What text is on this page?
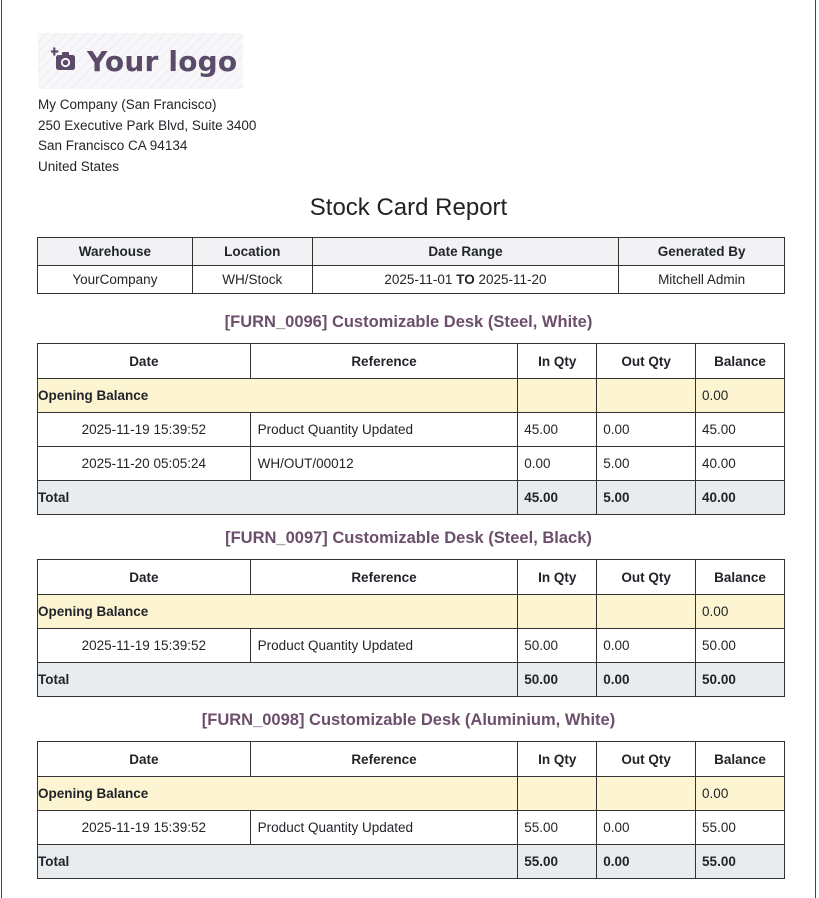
Your logo
My Company (San Francisco)
250 Executive Park Blvd, Suite 3400
San Francisco CA 94134
United States
Stock Card Report
Warehouse	Location	Date Range	Generated By
YourCompany	WH/Stock	2025-11-01 TO 2025-11-20	Mitchell Admin
[FURN_0096] Customizable Desk (Steel, White)
Date	Reference	In Qty	Out Qty	Balance
Opening Balance				0.00
2025-11-19 15:39:52	Product Quantity Updated	45.00	0.00	45.00
2025-11-20 05:05:24	WH/OUT/00012	0.00	5.00	40.00
Total		45.00	5.00	40.00
[FURN_0097] Customizable Desk (Steel, Black)
Date	Reference	In Qty	Out Qty	Balance
Opening Balance				0.00
2025-11-19 15:39:52	Product Quantity Updated	50.00	0.00	50.00
Total		50.00	0.00	50.00
[FURN_0098] Customizable Desk (Aluminium, White)
Date	Reference	In Qty	Out Qty	Balance
Opening Balance				0.00
2025-11-19 15:39:52	Product Quantity Updated	55.00	0.00	55.00
Total		55.00	0.00	55.00
